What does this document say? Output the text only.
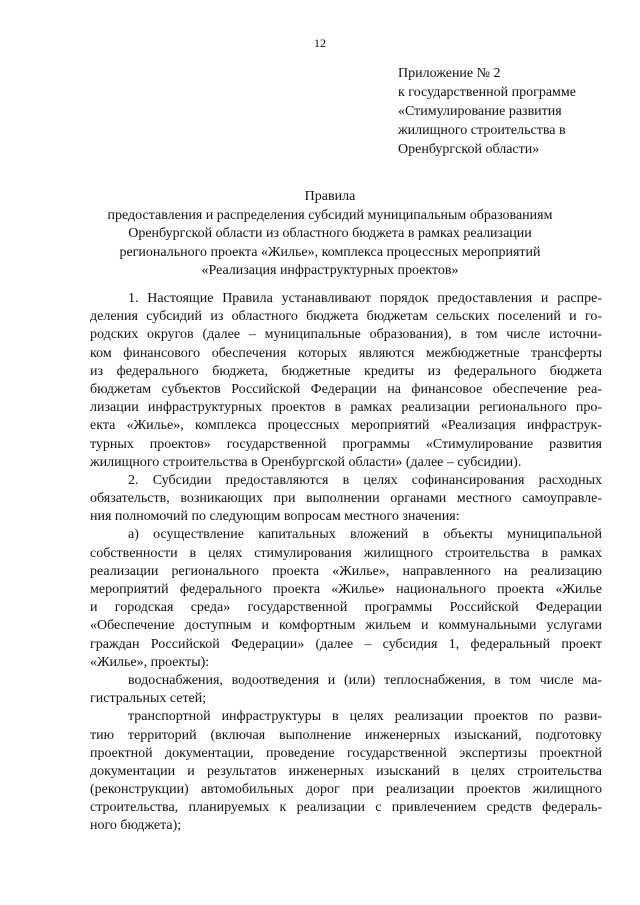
12
Приложение № 2
к государственной программе
«Стимулирование развития
жилищного строительства в
Оренбургской области»
Правила
предоставления и распределения субсидий муниципальным образованиям
Оренбургской области из областного бюджета в рамках реализации
регионального проекта «Жилье», комплекса процессных мероприятий
«Реализация инфраструктурных проектов»
1. Настоящие Правила устанавливают порядок предоставления и распре-
деления субсидий из областного бюджета бюджетам сельских поселений и го-
родских округов (далее – муниципальные образования), в том числе источни-
ком финансового обеспечения которых являются межбюджетные трансферты
из федерального бюджета, бюджетные кредиты из федерального бюджета
бюджетам субъектов Российской Федерации на финансовое обеспечение реа-
лизации инфраструктурных проектов в рамках реализации регионального про-
екта «Жилье», комплекса процессных мероприятий «Реализация инфраструк-
турных проектов» государственной программы «Стимулирование развития
жилищного строительства в Оренбургской области» (далее – субсидии).
2. Субсидии предоставляются в целях софинансирования расходных
обязательств, возникающих при выполнении органами местного самоуправле-
ния полномочий по следующим вопросам местного значения:
а) осуществление капитальных вложений в объекты муниципальной
собственности в целях стимулирования жилищного строительства в рамках
реализации регионального проекта «Жилье», направленного на реализацию
мероприятий федерального проекта «Жилье» национального проекта «Жилье
и городская среда» государственной программы Российской Федерации
«Обеспечение доступным и комфортным жильем и коммунальными услугами
граждан Российской Федерации» (далее – субсидия 1, федеральный проект
«Жилье», проекты):
водоснабжения, водоотведения и (или) теплоснабжения, в том числе ма-
гистральных сетей;
транспортной инфраструктуры в целях реализации проектов по разви-
тию территорий (включая выполнение инженерных изысканий, подготовку
проектной документации, проведение государственной экспертизы проектной
документации и результатов инженерных изысканий в целях строительства
(реконструкции) автомобильных дорог при реализации проектов жилищного
строительства, планируемых к реализации с привлечением средств федераль-
ного бюджета);
